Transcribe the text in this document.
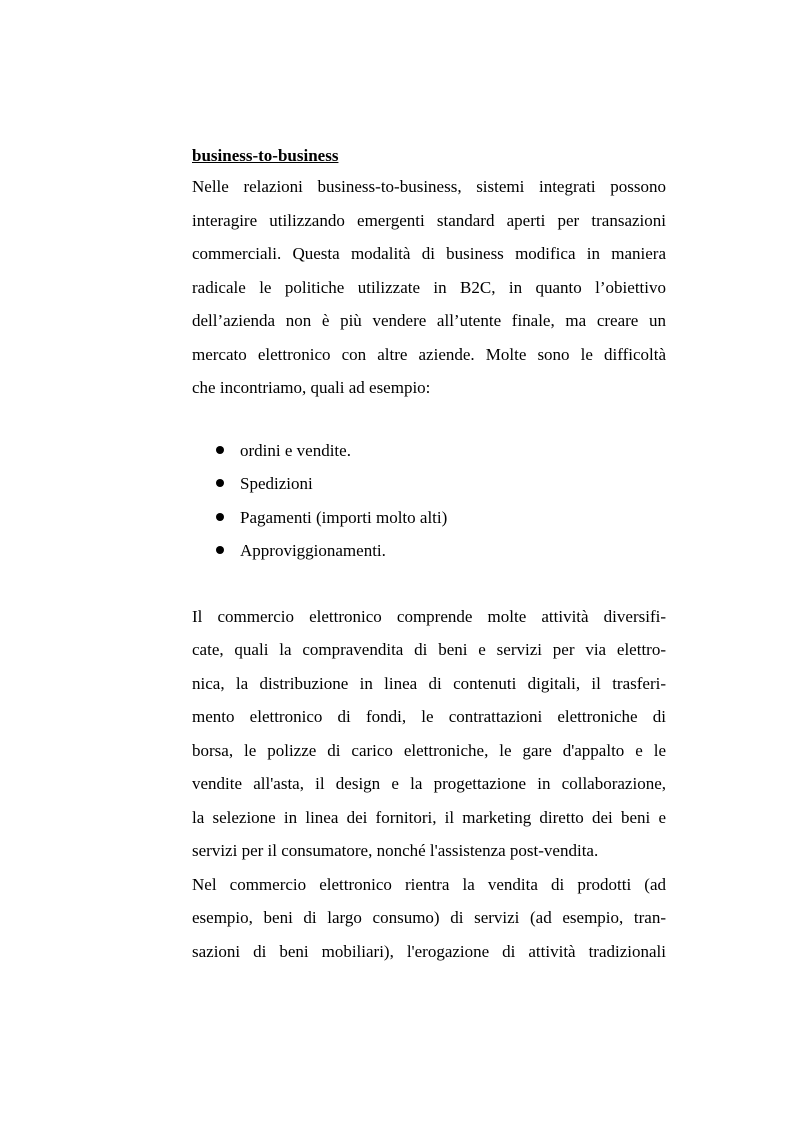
business-to-business
Nelle relazioni business-to-business, sistemi integrati possono
interagire utilizzando emergenti standard aperti per transazioni
commerciali. Questa modalità di business modifica in maniera
radicale le politiche utilizzate in B2C, in quanto l’obiettivo
dell’azienda non è più vendere all’utente finale, ma creare un
mercato elettronico con altre aziende. Molte sono le difficoltà
che incontriamo, quali ad esempio:
ordini e vendite.
Spedizioni
Pagamenti (importi molto alti)
Approviggionamenti.
Il commercio elettronico comprende molte attività diversifi-
cate, quali la compravendita di beni e servizi per via elettro-
nica, la distribuzione in linea di contenuti digitali, il trasferi-
mento elettronico di fondi, le contrattazioni elettroniche di
borsa, le polizze di carico elettroniche, le gare d'appalto e le
vendite all'asta, il design e la progettazione in collaborazione,
la selezione in linea dei fornitori, il marketing diretto dei beni e
servizi per il consumatore, nonché l'assistenza post-vendita.
Nel commercio elettronico rientra la vendita di prodotti (ad
esempio, beni di largo consumo) di servizi (ad esempio, tran-
sazioni di beni mobiliari), l'erogazione di attività tradizionali
